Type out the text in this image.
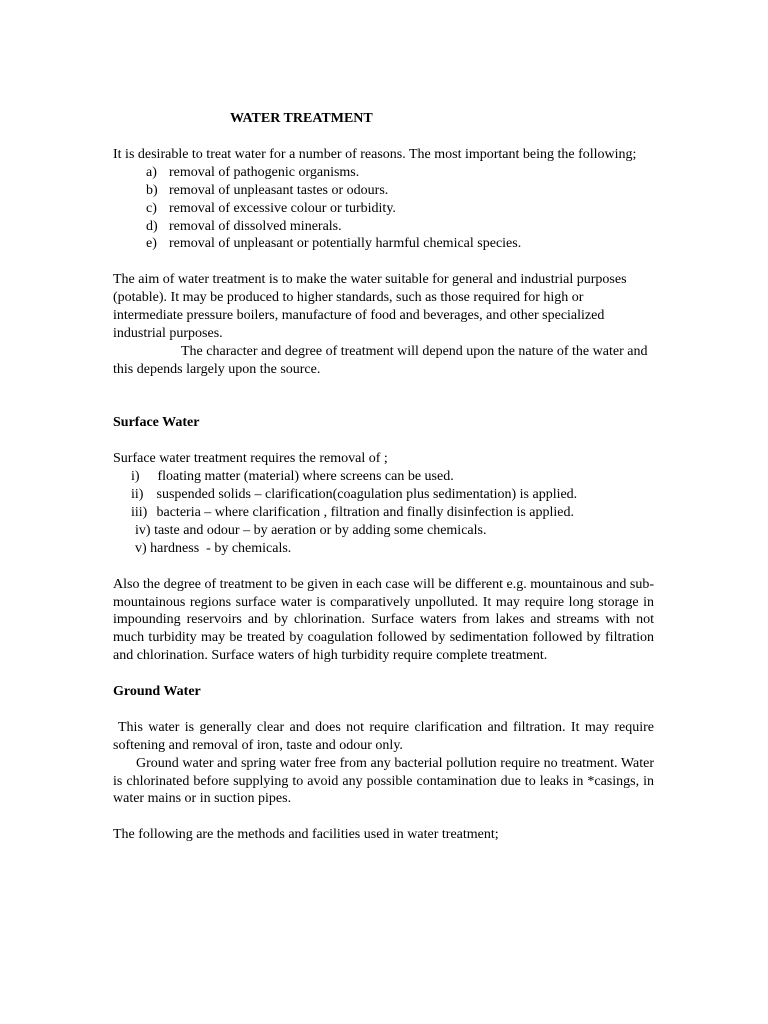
WATER TREATMENT

It is desirable to treat water for a number of reasons. The most important being the following;

a) removal of pathogenic organisms.
b) removal of unpleasant tastes or odours.
c) removal of excessive colour or turbidity.
d) removal of dissolved minerals.
e) removal of unpleasant or potentially harmful chemical species.

The aim of water treatment is to make the water suitable for general and industrial purposes (potable). It may be produced to higher standards, such as those required for high or intermediate pressure boilers, manufacture of food and beverages, and other specialized industrial purposes.

The character and degree of treatment will depend upon the nature of the water and this depends largely upon the source.

Surface Water

Surface water treatment requires the removal of ;

i) floating matter (material) where screens can be used.
ii) suspended solids – clarification(coagulation plus sedimentation) is applied.
iii) bacteria – where clarification , filtration and finally disinfection is applied.
iv) taste and odour – by aeration or by adding some chemicals.
v) hardness  - by chemicals.

Also the degree of treatment to be given in each case will be different e.g. mountainous and sub-mountainous regions surface water is comparatively unpolluted. It may require long storage in impounding reservoirs and by chlorination. Surface waters from lakes and streams with not much turbidity may be treated by coagulation followed by sedimentation followed by filtration and chlorination. Surface waters of high turbidity require complete treatment.

Ground Water

This water is generally clear and does not require clarification and filtration. It may require softening and removal of iron, taste and odour only.

Ground water and spring water free from any bacterial pollution require no treatment. Water is chlorinated before supplying to avoid any possible contamination due to leaks in *casings, in water mains or in suction pipes.

The following are the methods and facilities used in water treatment;
